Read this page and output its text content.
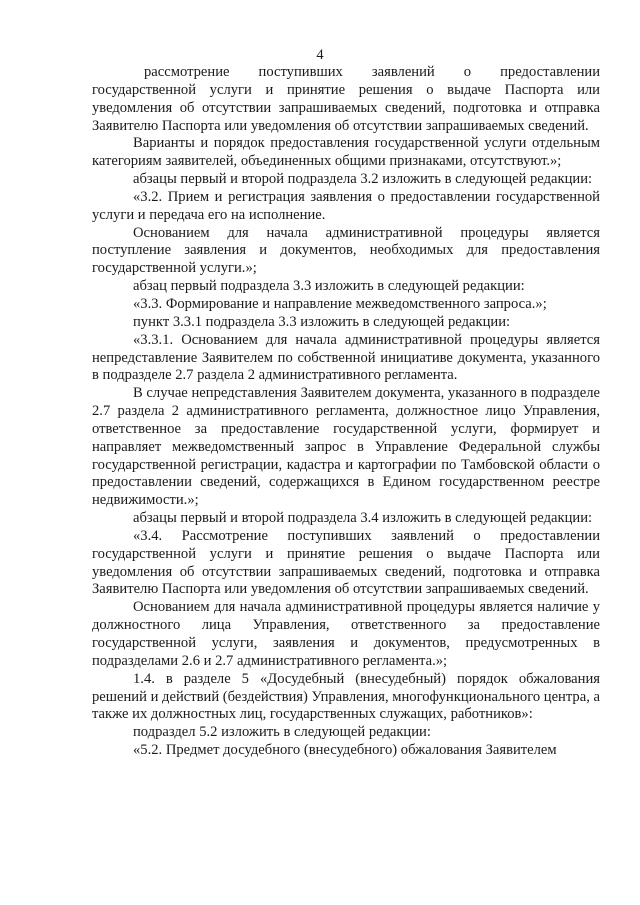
4

рассмотрение поступивших заявлений о предоставлении государственной услуги и принятие решения о выдаче Паспорта или уведомления об отсутствии запрашиваемых сведений, подготовка и отправка Заявителю Паспорта или уведомления об отсутствии запрашиваемых сведений.

Варианты и порядок предоставления государственной услуги отдельным категориям заявителей, объединенных общими признаками, отсутствуют.»;

абзацы первый и второй подраздела 3.2 изложить в следующей редакции:

«3.2. Прием и регистрация заявления о предоставлении государственной услуги и передача его на исполнение.

Основанием для начала административной процедуры является поступление заявления и документов, необходимых для предоставления государственной услуги.»;

абзац первый подраздела 3.3 изложить в следующей редакции:

«3.3. Формирование и направление межведомственного запроса.»;

пункт 3.3.1 подраздела 3.3 изложить в следующей редакции:

«3.3.1. Основанием для начала административной процедуры является непредставление Заявителем по собственной инициативе документа, указанного в подразделе 2.7 раздела 2 административного регламента.

В случае непредставления Заявителем документа, указанного в подразделе 2.7 раздела 2 административного регламента, должностное лицо Управления, ответственное за предоставление государственной услуги, формирует и направляет межведомственный запрос в Управление Федеральной службы государственной регистрации, кадастра и картографии по Тамбовской области о предоставлении сведений, содержащихся в Едином государственном реестре недвижимости.»;

абзацы первый и второй подраздела 3.4 изложить в следующей редакции:

«3.4. Рассмотрение поступивших заявлений о предоставлении государственной услуги и принятие решения о выдаче Паспорта или уведомления об отсутствии запрашиваемых сведений, подготовка и отправка Заявителю Паспорта или уведомления об отсутствии запрашиваемых сведений.

Основанием для начала административной процедуры является наличие у должностного лица Управления, ответственного за предоставление государственной услуги, заявления и документов, предусмотренных в подразделами 2.6 и 2.7 административного регламента.»;

1.4. в разделе 5 «Досудебный (внесудебный) порядок обжалования решений и действий (бездействия) Управления, многофункционального центра, а также их должностных лиц, государственных служащих, работников»:

подраздел 5.2 изложить в следующей редакции:

«5.2. Предмет досудебного (внесудебного) обжалования Заявителем
